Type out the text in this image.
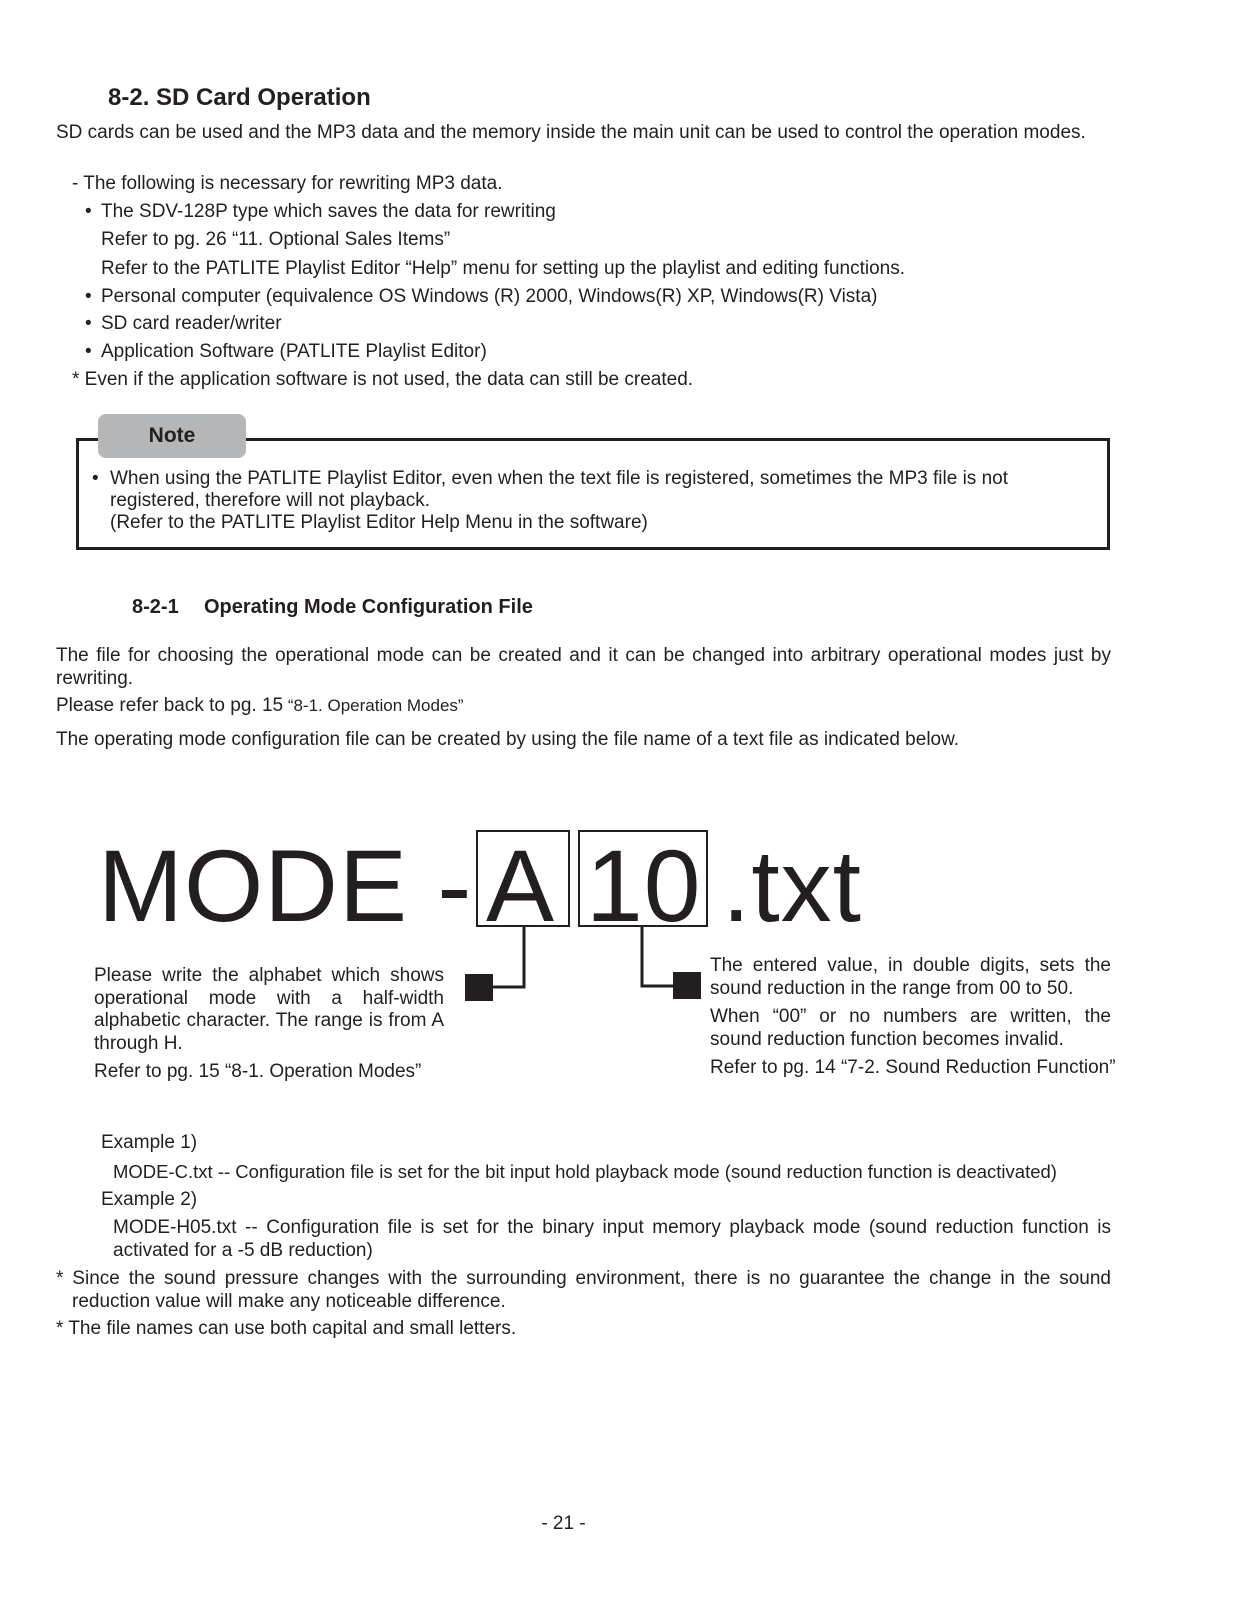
8-2. SD Card Operation

SD cards can be used and the MP3 data and the memory inside the main unit can be used to control the operation modes.

- The following is necessary for rewriting MP3 data.

• The SDV-128P type which saves the data for rewriting

Refer to pg. 26 “11. Optional Sales Items”

Refer to the PATLITE Playlist Editor “Help” menu for setting up the playlist and editing functions.

• Personal computer (equivalence OS Windows (R) 2000, Windows(R) XP, Windows(R) Vista)

• SD card reader/writer

• Application Software (PATLITE Playlist Editor)

* Even if the application software is not used, the data can still be created.

Note
• When using the PATLITE Playlist Editor, even when the text file is registered, sometimes the MP3 file is not
registered, therefore will not playback.
(Refer to the PATLITE Playlist Editor Help Menu in the software)
8-2-1 Operating Mode Configuration File

The file for choosing the operational mode can be created and it can be changed into arbitrary operational modes just by rewriting.

Please refer back to pg. 15 “8-1. Operation Modes”

The operating mode configuration file can be created by using the file name of a text file as indicated below.

MODE - A 10 .txt

Please write the alphabet which shows operational mode with a half-width alphabetic character. The range is from A through H.

Refer to pg. 15 “8-1. Operation Modes”

The entered value, in double digits, sets the sound reduction in the range from 00 to 50.

When “00” or no numbers are written, the sound reduction function becomes invalid.

Refer to pg. 14 “7-2. Sound Reduction Function”

Example 1)

MODE-C.txt -- Configuration file is set for the bit input hold playback mode (sound reduction function is deactivated)

Example 2)

MODE-H05.txt -- Configuration file is set for the binary input memory playback mode (sound reduction function is activated for a -5 dB reduction)

* Since the sound pressure changes with the surrounding environment, there is no guarantee the change in the sound reduction value will make any noticeable difference.

* The file names can use both capital and small letters.

- 21 -
